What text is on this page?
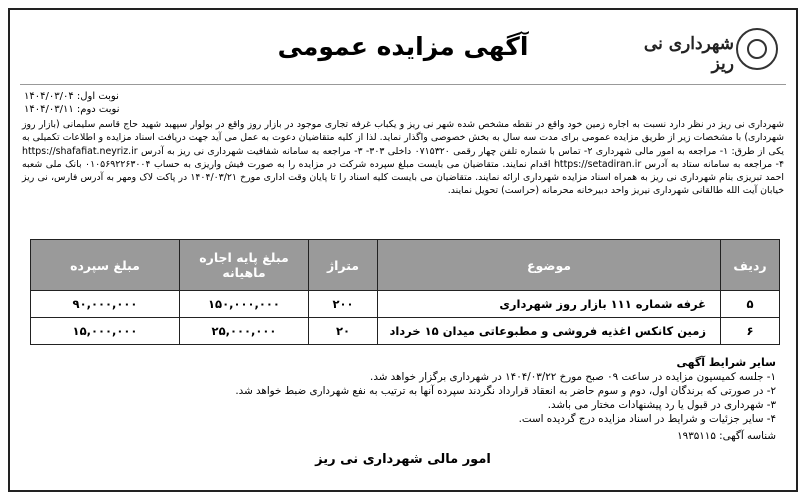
شهرداری نی ریز
آگهی مزایده عمومی
نوبت اول: ۱۴۰۴/۰۳/۰۴
نوبت دوم: ۱۴۰۴/۰۳/۱۱
شهرداری نی ریز در نظر دارد نسبت به اجاره زمین خود واقع در نقطه مشخص شده شهر نی ریز و یکباب غرفه تجاری موجود در بازار روز واقع در بولوار سپهبد شهید حاج قاسم سلیمانی (بازار روز شهرداری) با مشخصات زیر از طریق مزایده عمومی برای مدت سه سال به بخش خصوصی واگذار نماید. لذا از کلیه متقاضیان دعوت به عمل می آید جهت دریافت اسناد مزایده و اطلاعات تکمیلی به یکی از طرق: ۱- مراجعه به امور مالی شهرداری ۲- تماس با شماره تلفن چهار رقمی ۰۷۱۵۳۲۰ داخلی ۳۰۳- ۳- مراجعه به سامانه شفافیت شهرداری نی ریز به آدرس https://shafafiat.neyriz.ir ۴- مراجعه به سامانه ستاد به آدرس https://setadiran.ir اقدام نمایند. متقاضیان می بایست مبلغ سپرده شرکت در مزایده را به صورت فیش واریزی به حساب ۰۱۰۵۶۹۲۲۶۳۰۰۴ بانک ملی شعبه احمد تبریزی بنام شهرداری نی ریز به همراه اسناد مزایده شهرداری ارائه نمایند. متقاضیان می بایست کلیه اسناد را تا پایان وقت اداری مورخ ۱۴۰۴/۰۳/۲۱ در پاکت لاک ومهر به آدرس فارس، نی ریز خیابان آیت الله طالقانی شهرداری نیریز واحد دبیرخانه محرمانه (حراست) تحویل نمایند.
ردیف	موضوع	متراژ	مبلغ پایه اجاره ماهیانه	مبلغ سپرده
۵	غرفه شماره ۱۱۱ بازار روز شهرداری	۲۰۰	۱۵۰,۰۰۰,۰۰۰	۹۰,۰۰۰,۰۰۰
۶	زمین کانکس اغذیه فروشی و مطبوعاتی میدان ۱۵ خرداد	۲۰	۲۵,۰۰۰,۰۰۰	۱۵,۰۰۰,۰۰۰
سایر شرایط آگهی
۱- جلسه کمیسیون مزایده در ساعت ۰۹ صبح مورخ ۱۴۰۴/۰۳/۲۲ در شهرداری برگزار خواهد شد.
۲- در صورتی که برندگان اول، دوم و سوم حاضر به انعقاد قرارداد نگردند سپرده آنها به ترتیب به نفع شهرداری ضبط خواهد شد.
۳- شهرداری در قبول یا رد پیشنهادات مختار می باشد.
۴- سایر جزئیات و شرایط در اسناد مزایده درج گردیده است.
شناسه آگهی: ۱۹۳۵۱۱۵
امور مالی شهرداری نی ریز
